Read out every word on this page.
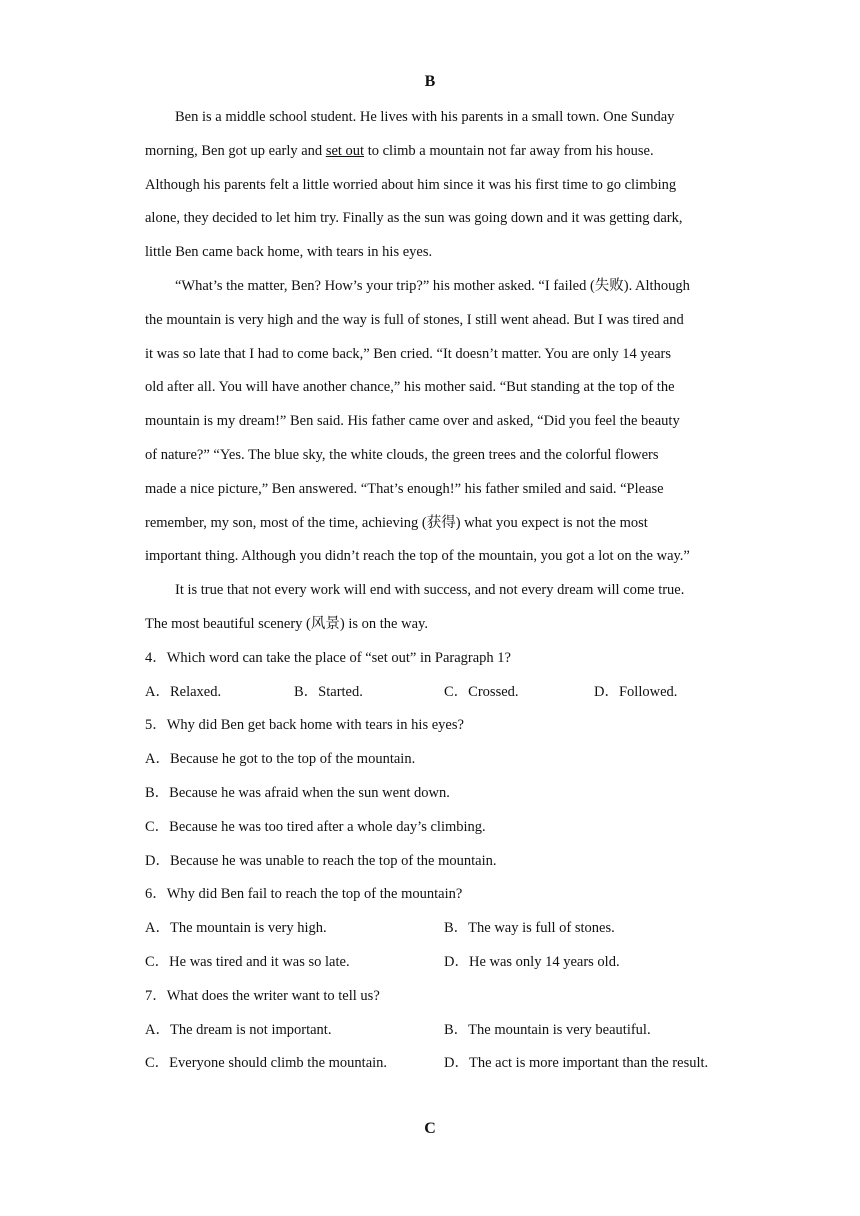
B
Ben is a middle school student. He lives with his parents in a small town. One Sunday
morning, Ben got up early and set out to climb a mountain not far away from his house.
Although his parents felt a little worried about him since it was his first time to go climbing
alone, they decided to let him try. Finally as the sun was going down and it was getting dark,
little Ben came back home, with tears in his eyes.
“What’s the matter, Ben? How’s your trip?” his mother asked. “I failed (失败). Although
the mountain is very high and the way is full of stones, I still went ahead. But I was tired and
it was so late that I had to come back,” Ben cried. “It doesn’t matter. You are only 14 years
old after all. You will have another chance,” his mother said. “But standing at the top of the
mountain is my dream!” Ben said. His father came over and asked, “Did you feel the beauty
of nature?” “Yes. The blue sky, the white clouds, the green trees and the colorful flowers
made a nice picture,” Ben answered. “That’s enough!” his father smiled and said. “Please
remember, my son, most of the time, achieving (获得) what you expect is not the most
important thing. Although you didn’t reach the top of the mountain, you got a lot on the way.”
It is true that not every work will end with success, and not every dream will come true.
The most beautiful scenery (风景) is on the way.
4．Which word can take the place of “set out” in Paragraph 1?
A．Relaxed.	B．Started.	C．Crossed.	D．Followed.
5．Why did Ben get back home with tears in his eyes?
A．Because he got to the top of the mountain.
B．Because he was afraid when the sun went down.
C．Because he was too tired after a whole day’s climbing.
D．Because he was unable to reach the top of the mountain.
6．Why did Ben fail to reach the top of the mountain?
A．The mountain is very high.	B．The way is full of stones.
C．He was tired and it was so late.	D．He was only 14 years old.
7．What does the writer want to tell us?
A．The dream is not important.	B．The mountain is very beautiful.
C．Everyone should climb the mountain.	D．The act is more important than the result.
C
